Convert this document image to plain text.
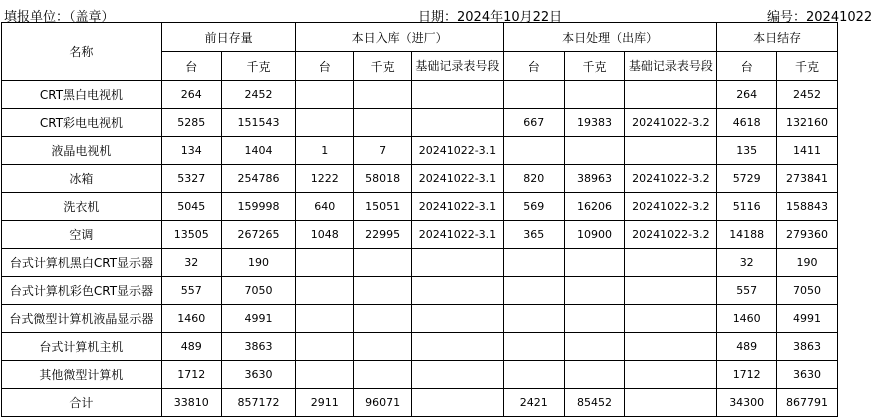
填报单位：（盖章）	日期：2024年10月22日	编号：20241022
名称	前日存量		本日入库（进厂）			本日处理（出库）			本日结存	
	台	千克	台	千克	基础记录表号段	台	千克	基础记录表号段	台	千克
CRT黑白电视机	264	2452							264	2452
CRT彩电电视机	5285	151543				667	19383	20241022-3.2	4618	132160
液晶电视机	134	1404	1	7	20241022-3.1				135	1411
冰箱	5327	254786	1222	58018	20241022-3.1	820	38963	20241022-3.2	5729	273841
洗衣机	5045	159998	640	15051	20241022-3.1	569	16206	20241022-3.2	5116	158843
空调	13505	267265	1048	22995	20241022-3.1	365	10900	20241022-3.2	14188	279360
台式计算机黑白CRT显示器	32	190							32	190
台式计算机彩色CRT显示器	557	7050							557	7050
台式微型计算机液晶显示器	1460	4991							1460	4991
台式计算机主机	489	3863							489	3863
其他微型计算机	1712	3630							1712	3630
合计	33810	857172	2911	96071		2421	85452		34300	867791
